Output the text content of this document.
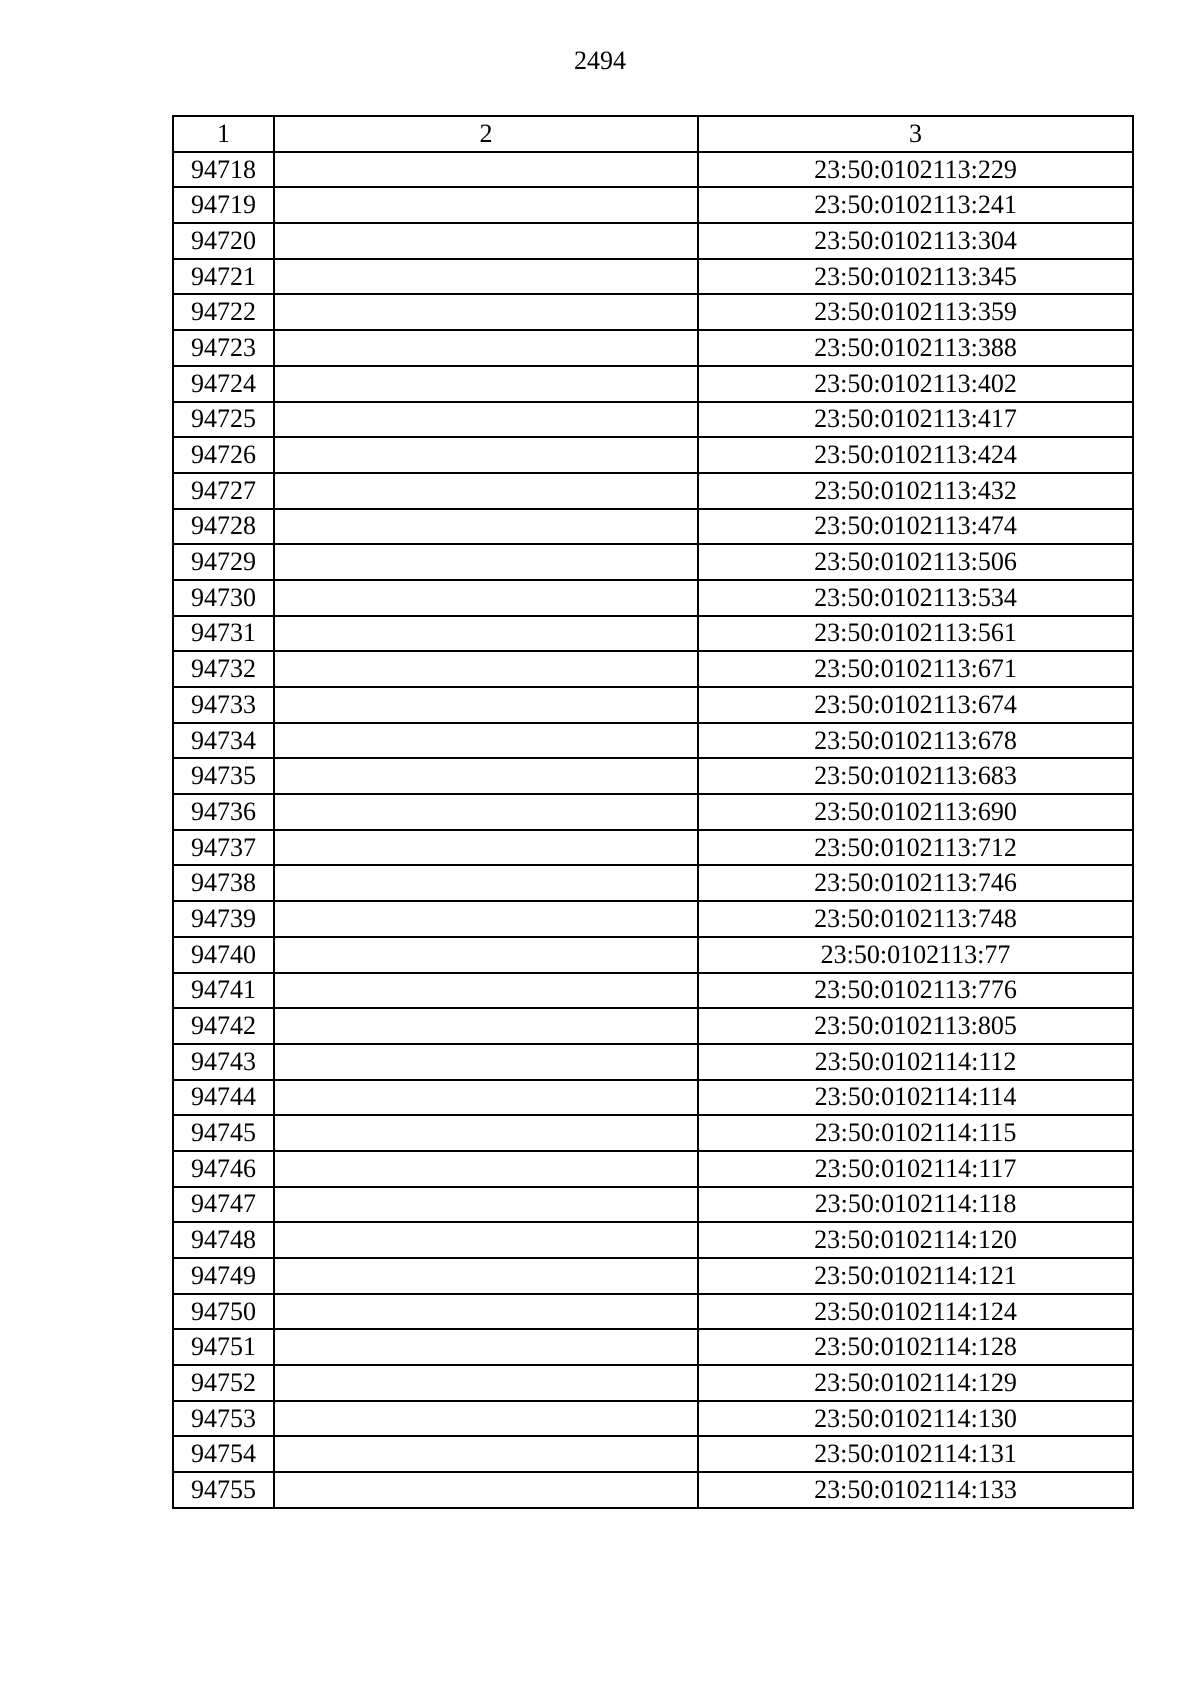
2494
1	2	3
94718		23:50:0102113:229
94719		23:50:0102113:241
94720		23:50:0102113:304
94721		23:50:0102113:345
94722		23:50:0102113:359
94723		23:50:0102113:388
94724		23:50:0102113:402
94725		23:50:0102113:417
94726		23:50:0102113:424
94727		23:50:0102113:432
94728		23:50:0102113:474
94729		23:50:0102113:506
94730		23:50:0102113:534
94731		23:50:0102113:561
94732		23:50:0102113:671
94733		23:50:0102113:674
94734		23:50:0102113:678
94735		23:50:0102113:683
94736		23:50:0102113:690
94737		23:50:0102113:712
94738		23:50:0102113:746
94739		23:50:0102113:748
94740		23:50:0102113:77
94741		23:50:0102113:776
94742		23:50:0102113:805
94743		23:50:0102114:112
94744		23:50:0102114:114
94745		23:50:0102114:115
94746		23:50:0102114:117
94747		23:50:0102114:118
94748		23:50:0102114:120
94749		23:50:0102114:121
94750		23:50:0102114:124
94751		23:50:0102114:128
94752		23:50:0102114:129
94753		23:50:0102114:130
94754		23:50:0102114:131
94755		23:50:0102114:133
